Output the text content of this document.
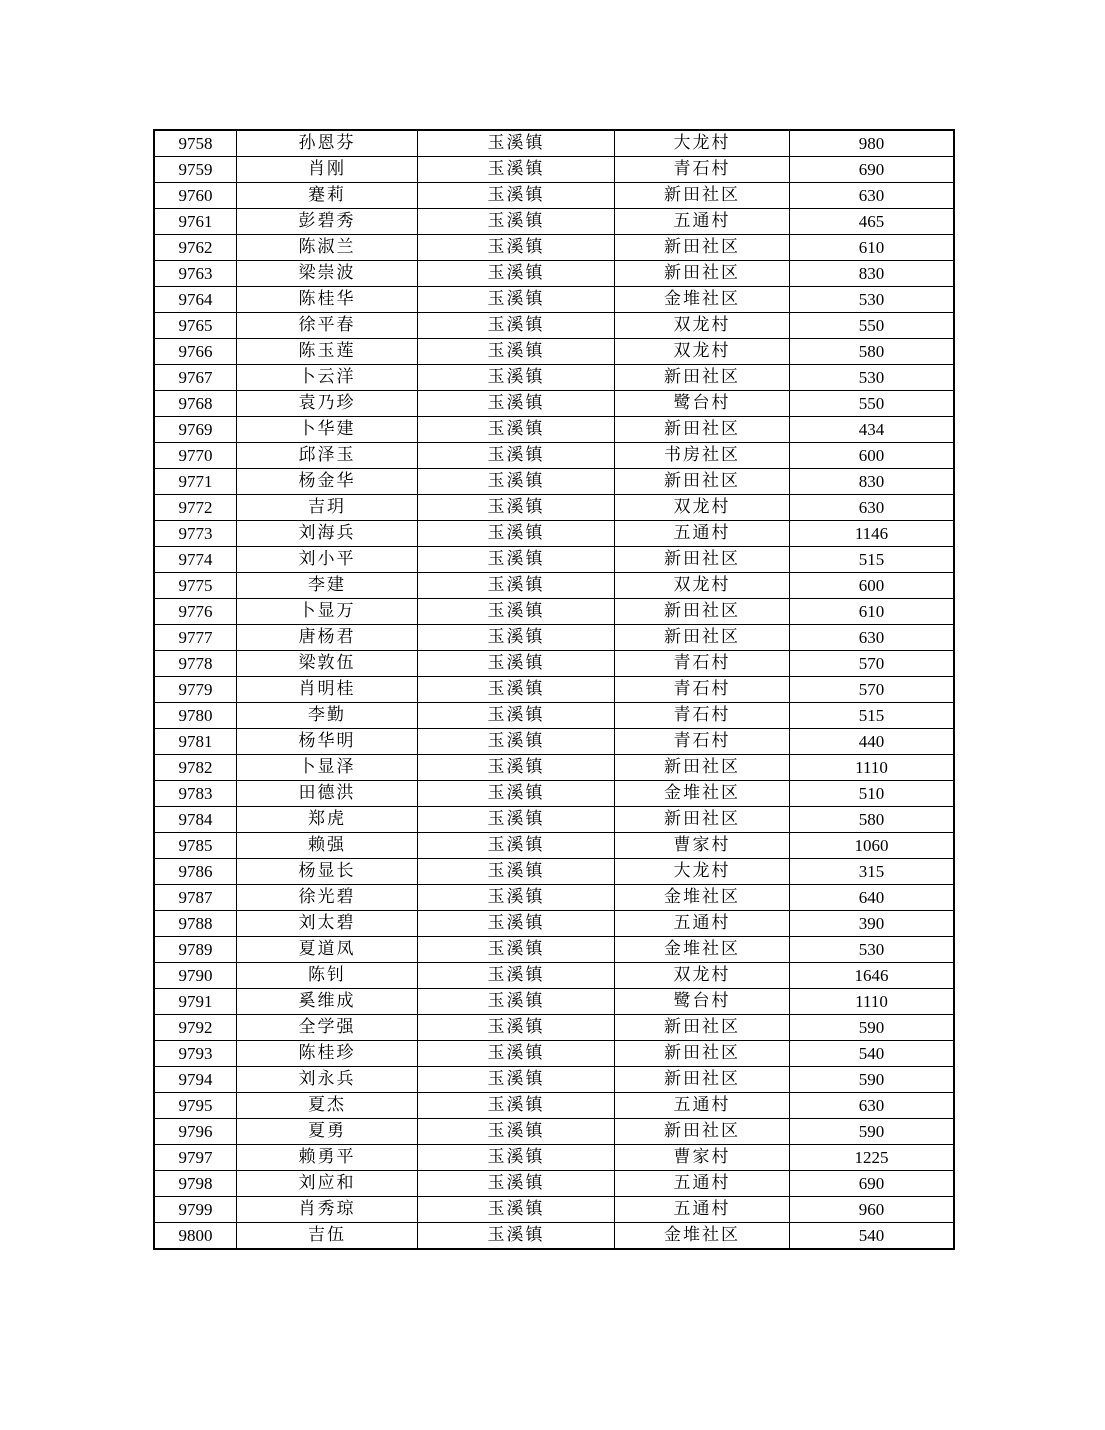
9758	孙恩芬	玉溪镇	大龙村	980
9759	肖刚	玉溪镇	青石村	690
9760	蹇莉	玉溪镇	新田社区	630
9761	彭碧秀	玉溪镇	五通村	465
9762	陈淑兰	玉溪镇	新田社区	610
9763	梁崇波	玉溪镇	新田社区	830
9764	陈桂华	玉溪镇	金堆社区	530
9765	徐平春	玉溪镇	双龙村	550
9766	陈玉莲	玉溪镇	双龙村	580
9767	卜云洋	玉溪镇	新田社区	530
9768	袁乃珍	玉溪镇	鹭台村	550
9769	卜华建	玉溪镇	新田社区	434
9770	邱泽玉	玉溪镇	书房社区	600
9771	杨金华	玉溪镇	新田社区	830
9772	吉玥	玉溪镇	双龙村	630
9773	刘海兵	玉溪镇	五通村	1146
9774	刘小平	玉溪镇	新田社区	515
9775	李建	玉溪镇	双龙村	600
9776	卜显万	玉溪镇	新田社区	610
9777	唐杨君	玉溪镇	新田社区	630
9778	梁敦伍	玉溪镇	青石村	570
9779	肖明桂	玉溪镇	青石村	570
9780	李勤	玉溪镇	青石村	515
9781	杨华明	玉溪镇	青石村	440
9782	卜显泽	玉溪镇	新田社区	1110
9783	田德洪	玉溪镇	金堆社区	510
9784	郑虎	玉溪镇	新田社区	580
9785	赖强	玉溪镇	曹家村	1060
9786	杨显长	玉溪镇	大龙村	315
9787	徐光碧	玉溪镇	金堆社区	640
9788	刘太碧	玉溪镇	五通村	390
9789	夏道凤	玉溪镇	金堆社区	530
9790	陈钊	玉溪镇	双龙村	1646
9791	奚维成	玉溪镇	鹭台村	1110
9792	全学强	玉溪镇	新田社区	590
9793	陈桂珍	玉溪镇	新田社区	540
9794	刘永兵	玉溪镇	新田社区	590
9795	夏杰	玉溪镇	五通村	630
9796	夏勇	玉溪镇	新田社区	590
9797	赖勇平	玉溪镇	曹家村	1225
9798	刘应和	玉溪镇	五通村	690
9799	肖秀琼	玉溪镇	五通村	960
9800	吉伍	玉溪镇	金堆社区	540
